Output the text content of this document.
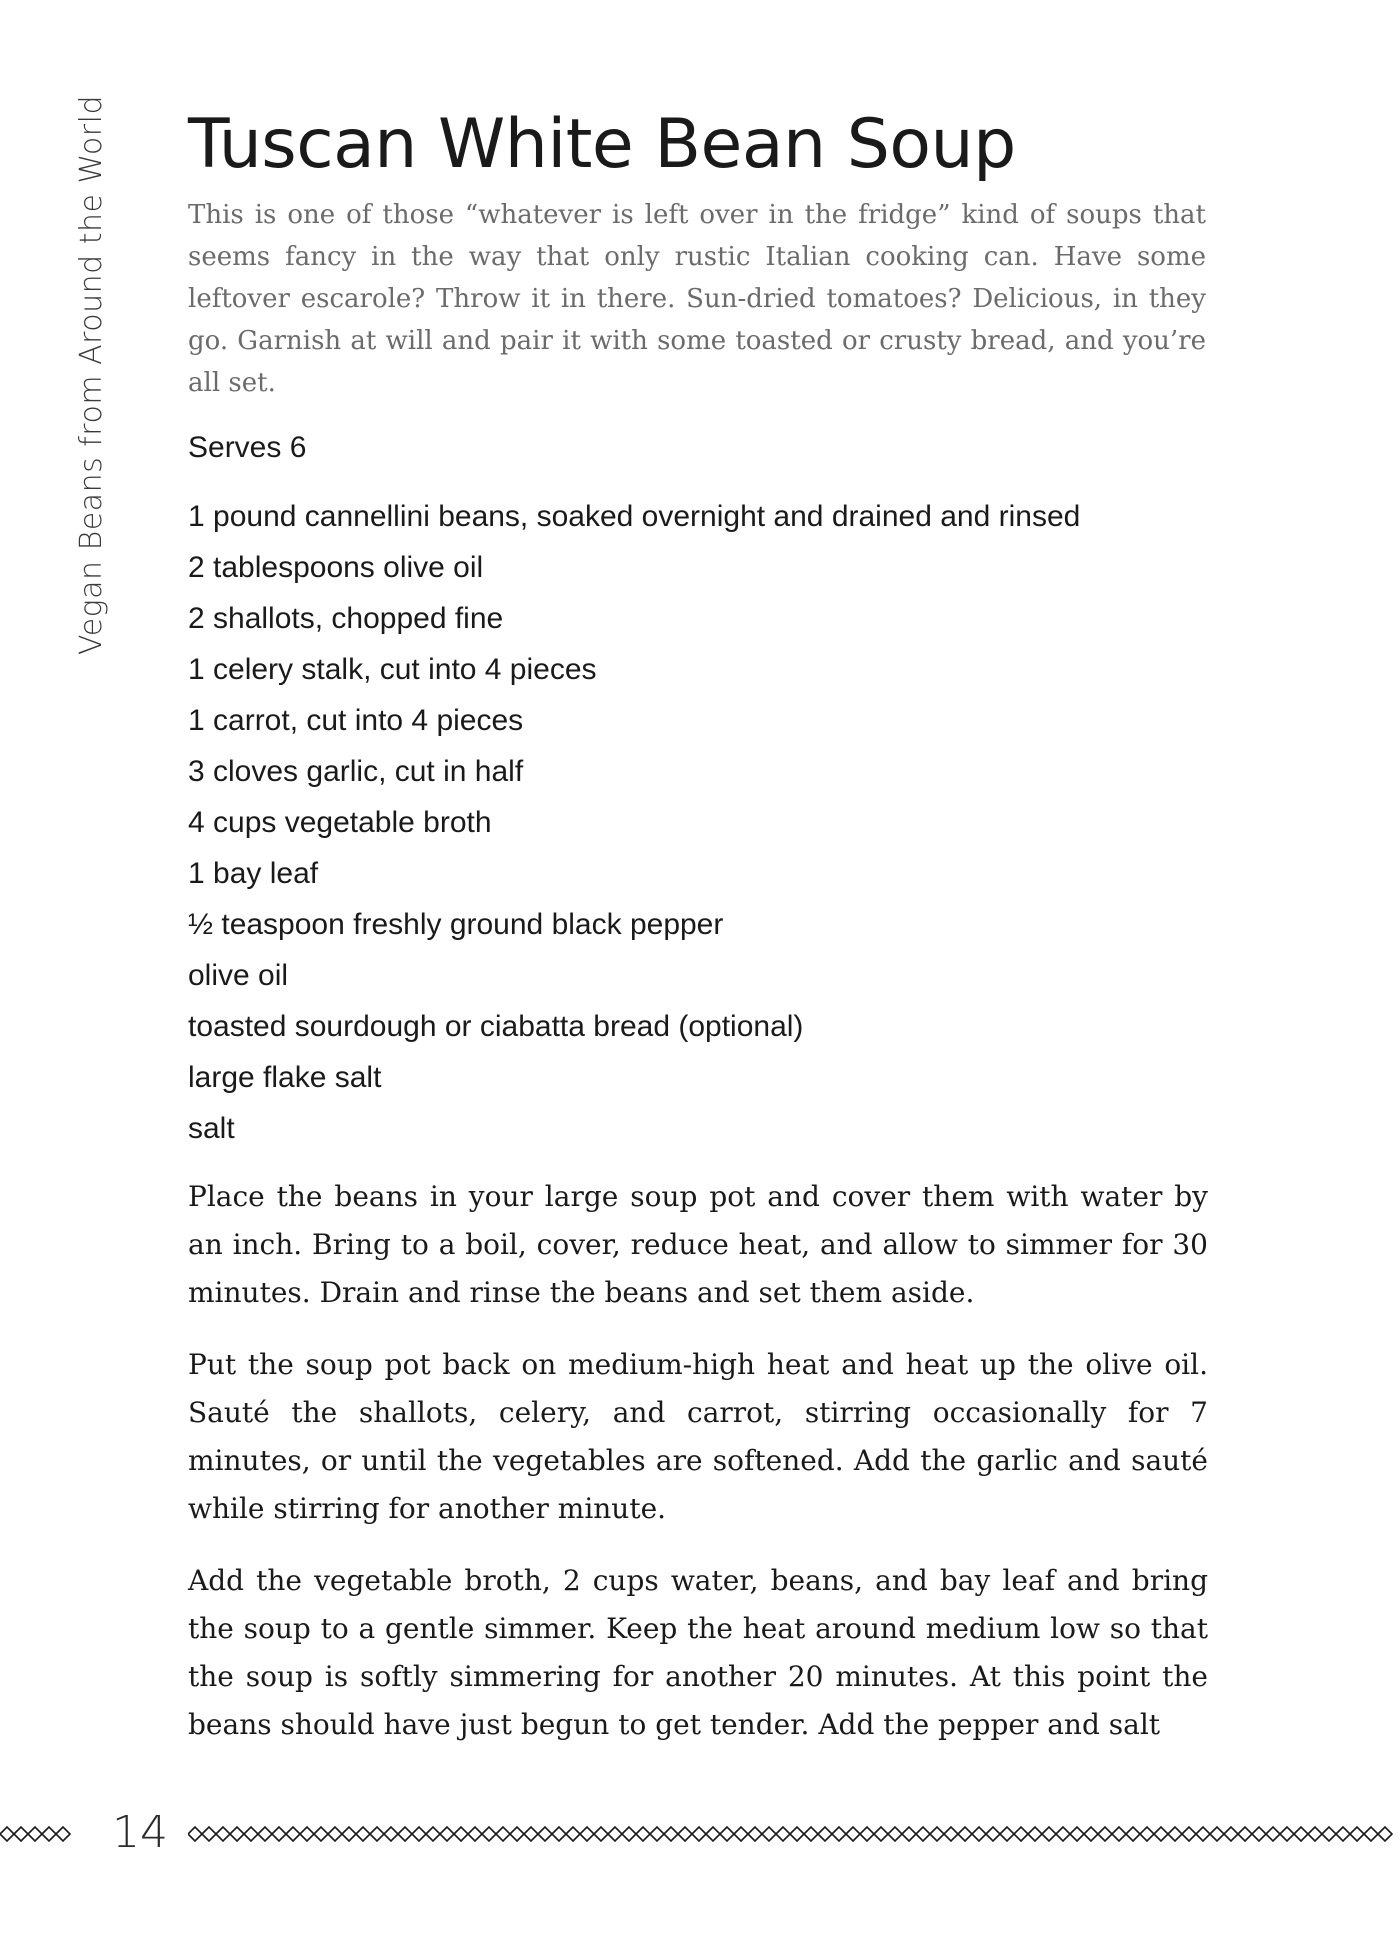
Vegan Beans from Around the World Tuscan White Bean Soup

This is one of those “whatever is left over in the fridge” kind of soups that seems fancy in the way that only rustic Italian cooking can. Have some leftover escarole? Throw it in there. Sun-dried tomatoes? Delicious, in they go. Garnish at will and pair it with some toasted or crusty bread, and you’re all set.

Serves 6

1 pound cannellini beans, soaked overnight and drained and rinsed
2 tablespoons olive oil
2 shallots, chopped fine
1 celery stalk, cut into 4 pieces
1 carrot, cut into 4 pieces
3 cloves garlic, cut in half
4 cups vegetable broth
1 bay leaf
½ teaspoon freshly ground black pepper
olive oil
toasted sourdough or ciabatta bread (optional)
large flake salt
salt

Place the beans in your large soup pot and cover them with water by an inch. Bring to a boil, cover, reduce heat, and allow to simmer for 30 minutes. Drain and rinse the beans and set them aside.

Put the soup pot back on medium-high heat and heat up the olive oil. Sauté the shallots, celery, and carrot, stirring occasionally for 7 minutes, or until the vegetables are softened. Add the garlic and sauté while stirring for another minute.

Add the vegetable broth, 2 cups water, beans, and bay leaf and bring the soup to a gentle simmer. Keep the heat around medium low so that the soup is softly simmering for another 20 minutes. At this point the beans should have just begun to get tender. Add the pepper and salt

14
